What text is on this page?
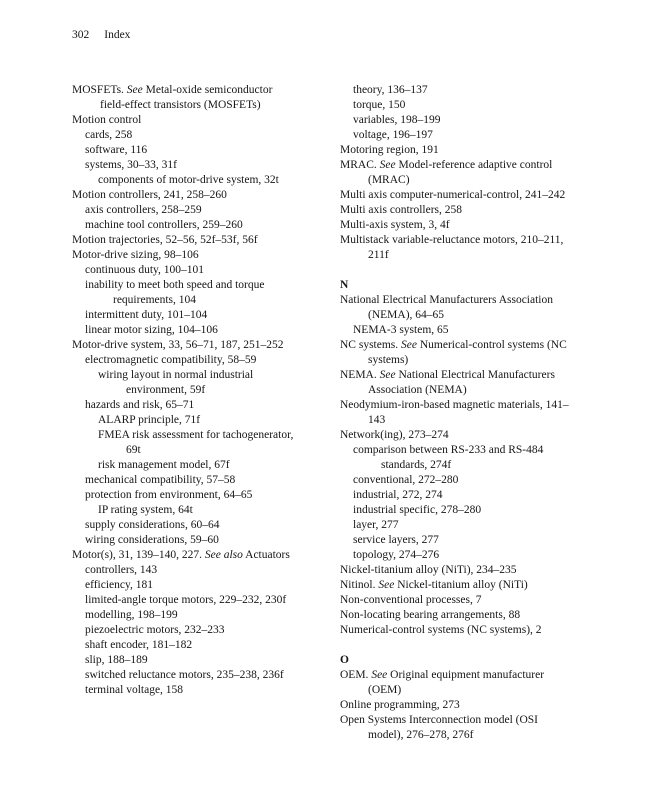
302 Index
MOSFETs. See Metal-oxide semiconductor field-effect transistors (MOSFETs)
Motion control
cards, 258
software, 116
systems, 30–33, 31f
components of motor-drive system, 32t
Motion controllers, 241, 258–260
axis controllers, 258–259
machine tool controllers, 259–260
Motion trajectories, 52–56, 52f–53f, 56f
Motor-drive sizing, 98–106
continuous duty, 100–101
inability to meet both speed and torque requirements, 104
intermittent duty, 101–104
linear motor sizing, 104–106
Motor-drive system, 33, 56–71, 187, 251–252
electromagnetic compatibility, 58–59
wiring layout in normal industrial environment, 59f
hazards and risk, 65–71
ALARP principle, 71f
FMEA risk assessment for tachogenerator, 69t
risk management model, 67f
mechanical compatibility, 57–58
protection from environment, 64–65
IP rating system, 64t
supply considerations, 60–64
wiring considerations, 59–60
Motor(s), 31, 139–140, 227. See also Actuators
controllers, 143
efficiency, 181
limited-angle torque motors, 229–232, 230f
modelling, 198–199
piezoelectric motors, 232–233
shaft encoder, 181–182
slip, 188–189
switched reluctance motors, 235–238, 236f
terminal voltage, 158
theory, 136–137
torque, 150
variables, 198–199
voltage, 196–197
Motoring region, 191
MRAC. See Model-reference adaptive control (MRAC)
Multi axis computer-numerical-control, 241–242
Multi axis controllers, 258
Multi-axis system, 3, 4f
Multistack variable-reluctance motors, 210–211, 211f
N
National Electrical Manufacturers Association (NEMA), 64–65
NEMA-3 system, 65
NC systems. See Numerical-control systems (NC systems)
NEMA. See National Electrical Manufacturers Association (NEMA)
Neodymium-iron-based magnetic materials, 141–143
Network(ing), 273–274
comparison between RS-233 and RS-484 standards, 274f
conventional, 272–280
industrial, 272, 274
industrial specific, 278–280
layer, 277
service layers, 277
topology, 274–276
Nickel-titanium alloy (NiTi), 234–235
Nitinol. See Nickel-titanium alloy (NiTi)
Non-conventional processes, 7
Non-locating bearing arrangements, 88
Numerical-control systems (NC systems), 2
O
OEM. See Original equipment manufacturer (OEM)
Online programming, 273
Open Systems Interconnection model (OSI model), 276–278, 276f
